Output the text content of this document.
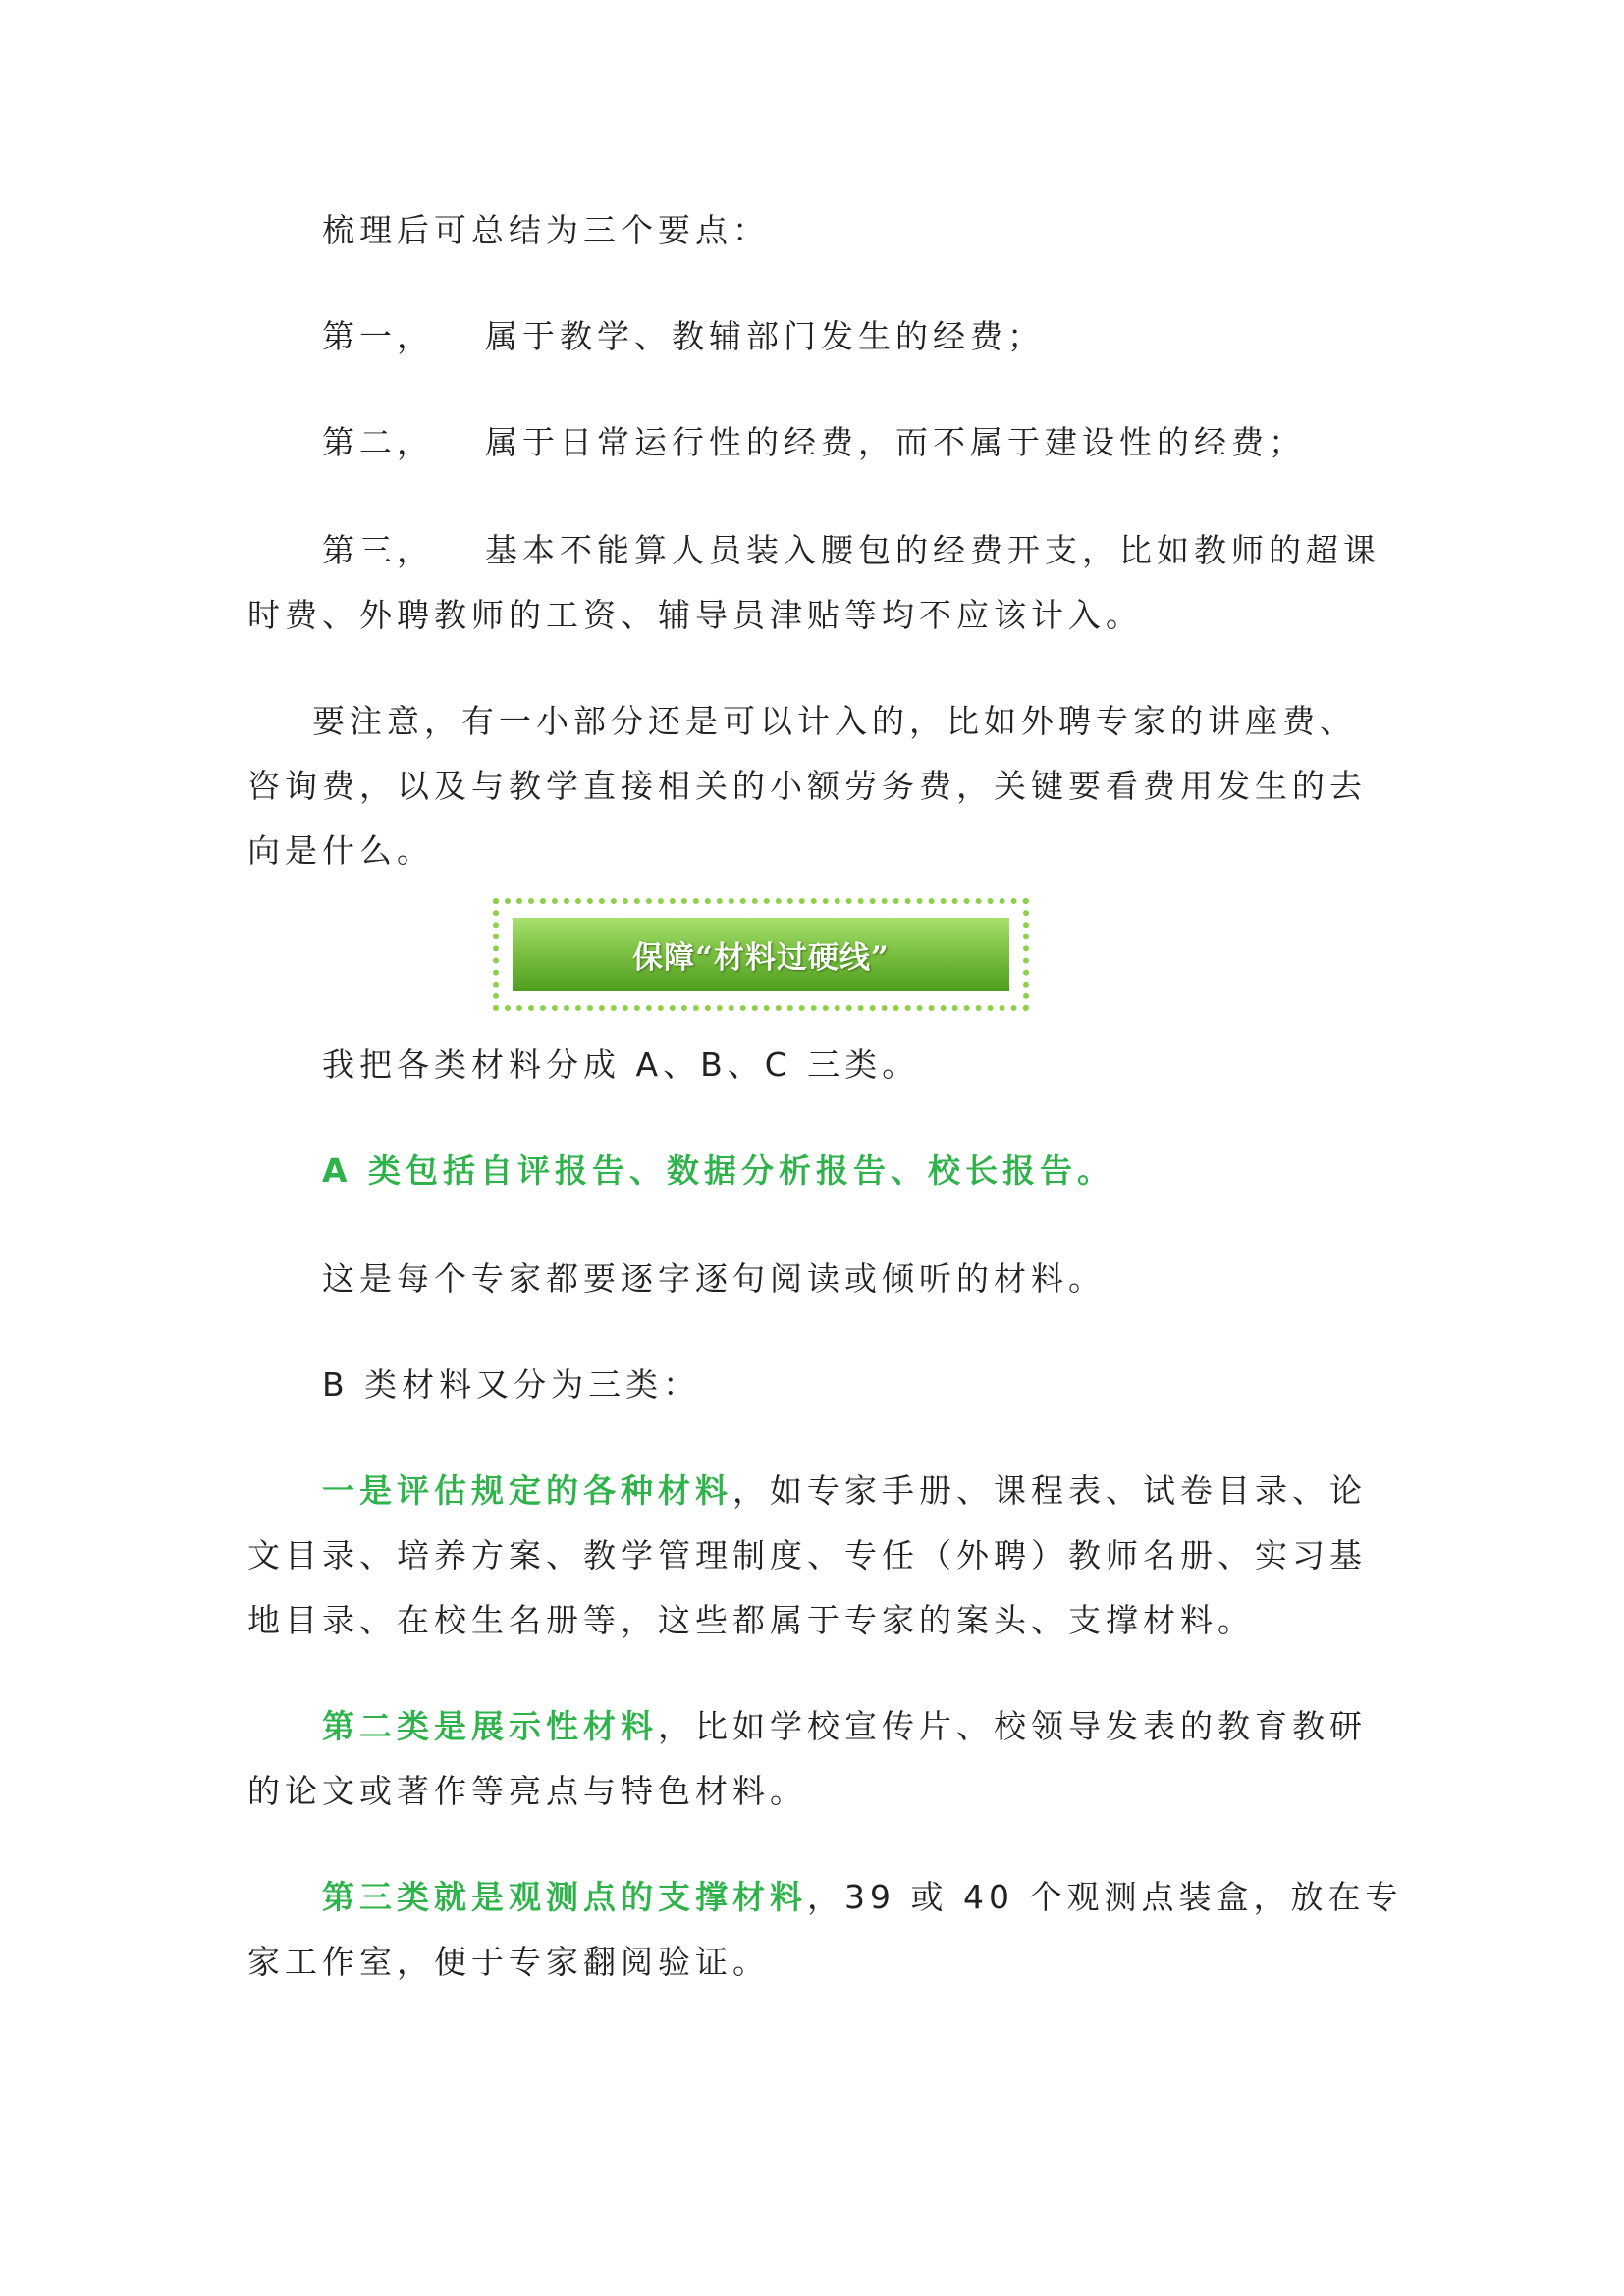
梳理后可总结为三个要点：
第一， 属于教学、教辅部门发生的经费；
第二， 属于日常运行性的经费，而不属于建设性的经费；
第三， 基本不能算人员装入腰包的经费开支，比如教师的超课
时费、外聘教师的工资、辅导员津贴等均不应该计入。
要注意，有一小部分还是可以计入的，比如外聘专家的讲座费、
咨询费，以及与教学直接相关的小额劳务费，关键要看费用发生的去
向是什么。
保障“材料过硬线”
我把各类材料分成 A、B、C 三类。
A 类包括自评报告、数据分析报告、校长报告。
这是每个专家都要逐字逐句阅读或倾听的材料。
B 类材料又分为三类：
一是评估规定的各种材料，如专家手册、课程表、试卷目录、论
文目录、培养方案、教学管理制度、专任（外聘）教师名册、实习基
地目录、在校生名册等，这些都属于专家的案头、支撑材料。
第二类是展示性材料，比如学校宣传片、校领导发表的教育教研
的论文或著作等亮点与特色材料。
第三类就是观测点的支撑材料，39 或 40 个观测点装盒，放在专
家工作室，便于专家翻阅验证。
